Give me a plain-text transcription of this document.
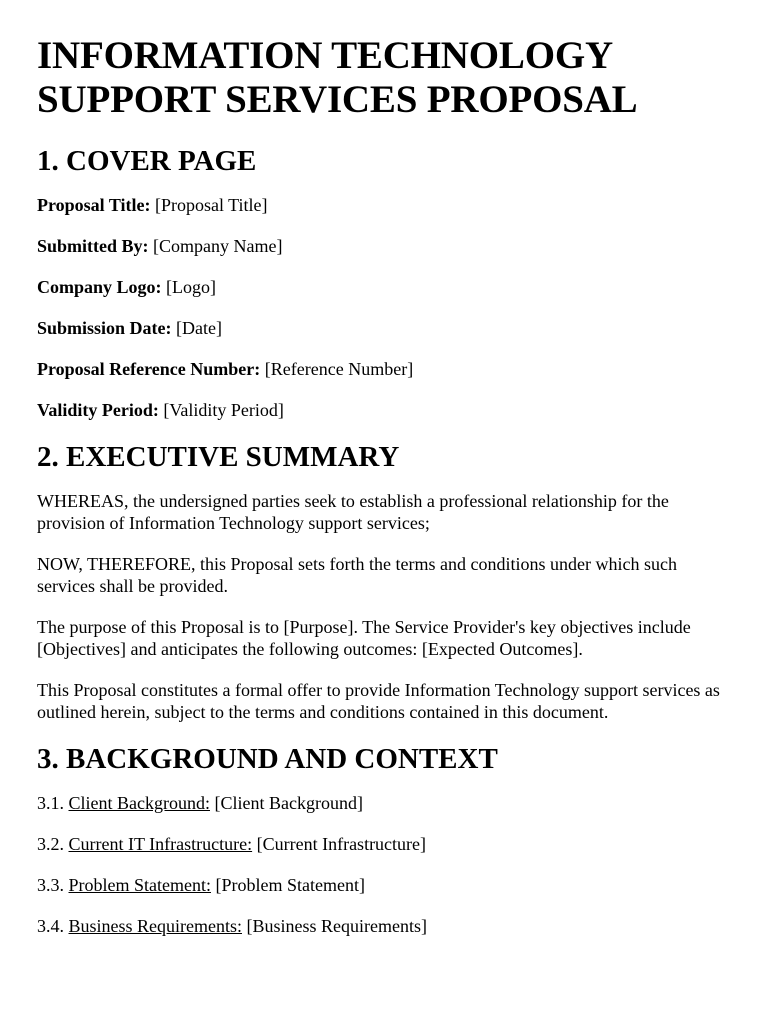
INFORMATION TECHNOLOGY
SUPPORT SERVICES PROPOSAL
1. COVER PAGE

Proposal Title: [Proposal Title]

Submitted By: [Company Name]

Company Logo: [Logo]

Submission Date: [Date]

Proposal Reference Number: [Reference Number]

Validity Period: [Validity Period]

2. EXECUTIVE SUMMARY

WHEREAS, the undersigned parties seek to establish a professional relationship for the provision of Information Technology support services;

NOW, THEREFORE, this Proposal sets forth the terms and conditions under which such services shall be provided.

The purpose of this Proposal is to [Purpose]. The Service Provider's key objectives include [Objectives] and anticipates the following outcomes: [Expected Outcomes].

This Proposal constitutes a formal offer to provide Information Technology support services as outlined herein, subject to the terms and conditions contained in this document.

3. BACKGROUND AND CONTEXT

3.1. Client Background: [Client Background]

3.2. Current IT Infrastructure: [Current Infrastructure]

3.3. Problem Statement: [Problem Statement]

3.4. Business Requirements: [Business Requirements]
